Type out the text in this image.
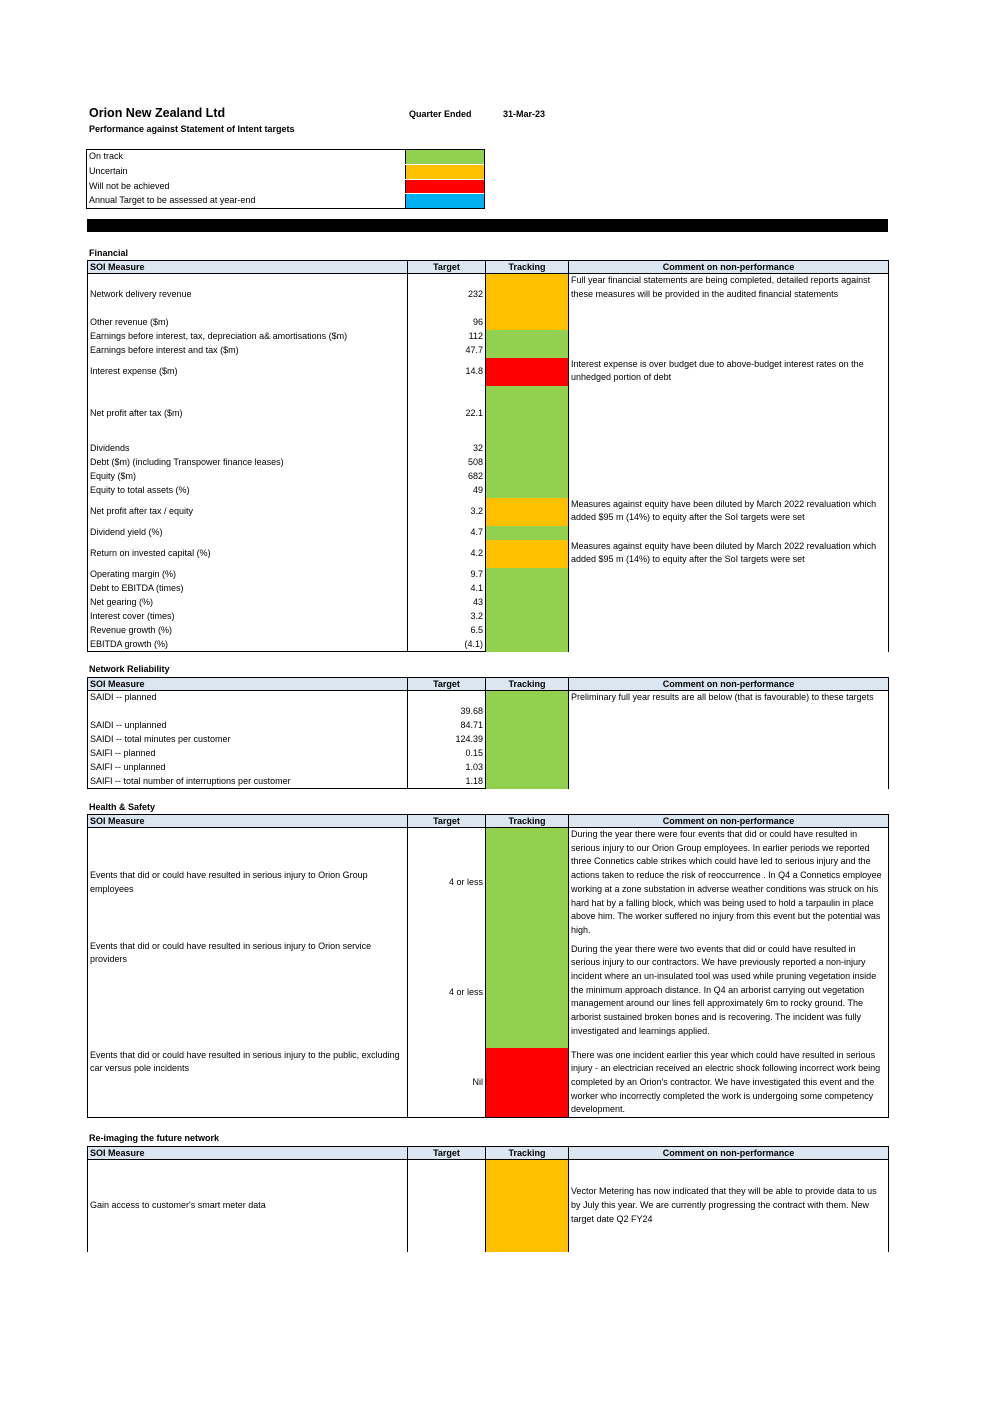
Orion New Zealand Ltd
Performance against Statement of Intent targets
Quarter Ended	31-Mar-23
On track
Uncertain
Will not be achieved
Annual Target to be assessed at year-end
Financial
SOI Measure	Target	Tracking	Comment on non-performance
Network delivery revenue	232		Full year financial statements are being completed, detailed reports against these measures will be provided in the audited financial statements
Other revenue ($m)	96		
Earnings before interest, tax, depreciation a& amortisations ($m)	112		
Earnings before interest and tax ($m)	47.7		
Interest expense ($m)	14.8		Interest expense is over budget due to above-budget interest rates on the unhedged portion of debt
Net profit after tax ($m)	22.1		
Dividends	32		
Debt ($m) (including Transpower finance leases)	508		
Equity ($m)	682		
Equity to total assets (%)	49		
Net profit after tax / equity	3.2		Measures against equity have been diluted by March 2022 revaluation which added $95 m (14%) to equity after the SoI targets were set
Dividend yield (%)	4.7		
Return on invested capital (%)	4.2		Measures against equity have been diluted by March 2022 revaluation which added $95 m (14%) to equity after the SoI targets were set
Operating margin (%)	9.7		
Debt to EBITDA (times)	4.1		
Net gearing (%)	43		
Interest cover (times)	3.2		
Revenue growth (%)	6.5		
EBITDA growth (%)	(4.1)		
Network Reliability
SOI Measure	Target	Tracking	Comment on non-performance
SAIDI -- planned	39.68		Preliminary full year results are all below (that is favourable) to these targets
SAIDI -- unplanned	84.71		
SAIDI -- total minutes per customer	124.39		
SAIFI -- planned	0.15		
SAIFI -- unplanned	1.03		
SAIFI -- total number of interruptions per customer	1.18		
Health & Safety
SOI Measure	Target	Tracking	Comment on non-performance
Events that did or could have resulted in serious injury to Orion Group employees	4 or less		During the year there were four events that did or could have resulted in serious injury to our Orion Group employees. In earlier periods we reported three Connetics cable strikes which could have led to serious injury and the actions taken to reduce the risk of reoccurrence . In Q4 a Connetics employee working at a zone substation in adverse weather conditions was struck on his hard hat by a falling block, which was being used to hold a tarpaulin in place above him. The worker suffered no injury from this event but the potential was high.
Events that did or could have resulted in serious injury to Orion service providers	4 or less		During the year there were two events that did or could have resulted in serious injury to our contractors. We have previously reported a non-injury incident where an un-insulated tool was used while pruning vegetation inside the minimum approach distance. In Q4 an arborist carrying out vegetation management around our lines fell approximately 6m to rocky ground. The arborist sustained broken bones and is recovering. The incident was fully investigated and learnings applied.
Events that did or could have resulted in serious injury to the public, excluding car versus pole incidents	Nil		There was one incident earlier this year which could have resulted in serious injury - an electrician received an electric shock following incorrect work being completed by an Orion's contractor. We have investigated this event and the worker who incorrectly completed the work is undergoing some competency development.
Re-imaging the future network
SOI Measure	Target	Tracking	Comment on non-performance
Gain access to customer's smart meter data			Vector Metering has now indicated that they will be able to provide data to us by July this year. We are currently progressing the contract with them. New target date Q2 FY24
